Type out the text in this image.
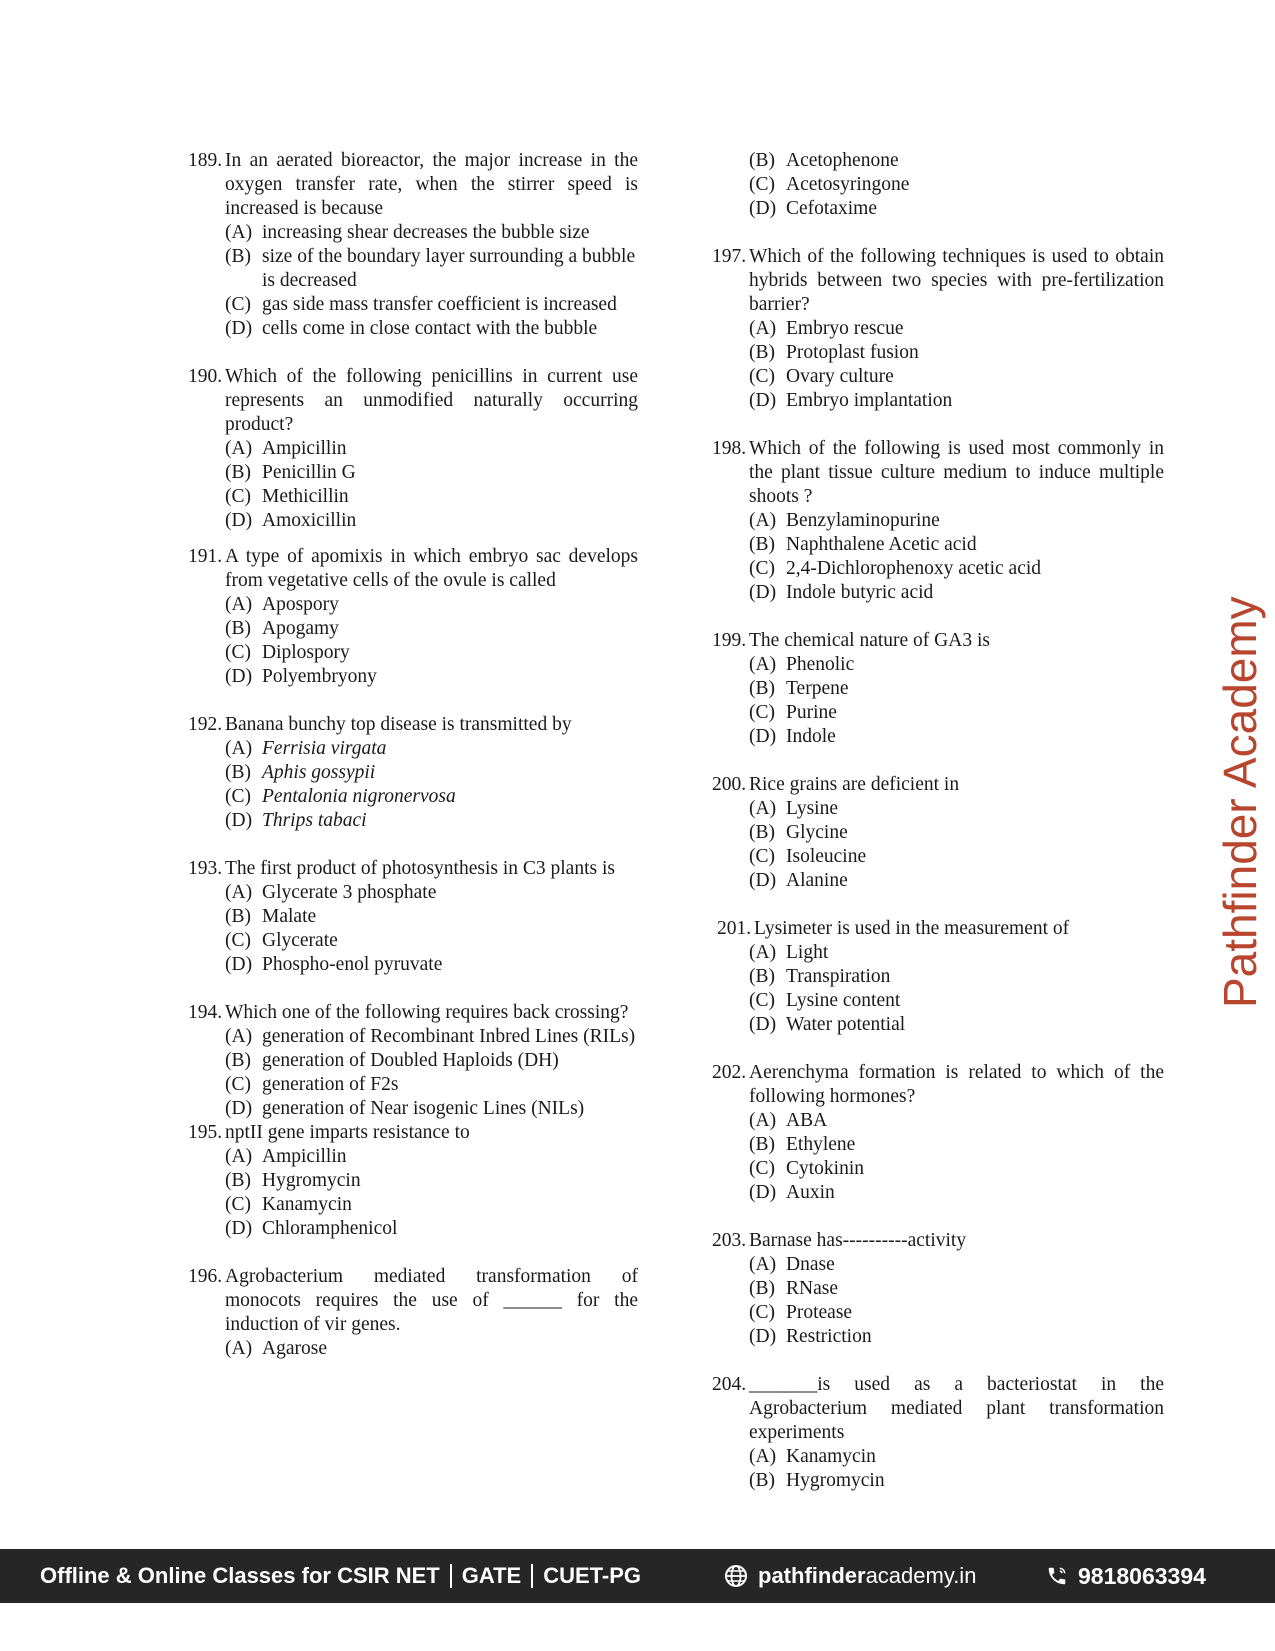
189. In an aerated bioreactor, the major increase in the oxygen transfer rate, when the stirrer speed is increased is because
(A) increasing shear decreases the bubble size
(B) size of the boundary layer surrounding a bubble is decreased
(C) gas side mass transfer coefficient is increased
(D) cells come in close contact with the bubble
190. Which of the following penicillins in current use represents an unmodified naturally occurring product?
(A) Ampicillin
(B) Penicillin G
(C) Methicillin
(D) Amoxicillin
191. A type of apomixis in which embryo sac develops from vegetative cells of the ovule is called
(A) Apospory
(B) Apogamy
(C) Diplospory
(D) Polyembryony
192. Banana bunchy top disease is transmitted by
(A) Ferrisia virgata
(B) Aphis gossypii
(C) Pentalonia nigronervosa
(D) Thrips tabaci
193. The first product of photosynthesis in C3 plants is
(A) Glycerate 3 phosphate
(B) Malate
(C) Glycerate
(D) Phospho-enol pyruvate
194. Which one of the following requires back crossing?
(A) generation of Recombinant Inbred Lines (RILs)
(B) generation of Doubled Haploids (DH)
(C) generation of F2s
(D) generation of Near isogenic Lines (NILs)
195. nptII gene imparts resistance to
(A) Ampicillin
(B) Hygromycin
(C) Kanamycin
(D) Chloramphenicol
196. Agrobacterium mediated transformation of monocots requires the use of ______ for the induction of vir genes.
(A) Agarose
(B) Acetophenone
(C) Acetosyringone
(D) Cefotaxime
197. Which of the following techniques is used to obtain hybrids between two species with pre-fertilization barrier?
(A) Embryo rescue
(B) Protoplast fusion
(C) Ovary culture
(D) Embryo implantation
198. Which of the following is used most commonly in the plant tissue culture medium to induce multiple shoots ?
(A) Benzylaminopurine
(B) Naphthalene Acetic acid
(C) 2,4-Dichlorophenoxy acetic acid
(D) Indole butyric acid
199. The chemical nature of GA3 is
(A) Phenolic
(B) Terpene
(C) Purine
(D) Indole
200. Rice grains are deficient in
(A) Lysine
(B) Glycine
(C) Isoleucine
(D) Alanine
201. Lysimeter is used in the measurement of
(A) Light
(B) Transpiration
(C) Lysine content
(D) Water potential
202. Aerenchyma formation is related to which of the following hormones?
(A) ABA
(B) Ethylene
(C) Cytokinin
(D) Auxin
203. Barnase has----------activity
(A) Dnase
(B) RNase
(C) Protease
(D) Restriction
204. _______is used as a bacteriostat in the Agrobacterium mediated plant transformation experiments
(A) Kanamycin
(B) Hygromycin
Pathfinder Academy
Offline & Online Classes for CSIR NET GATE CUET-PG	pathfinder academy.in	9818063394
